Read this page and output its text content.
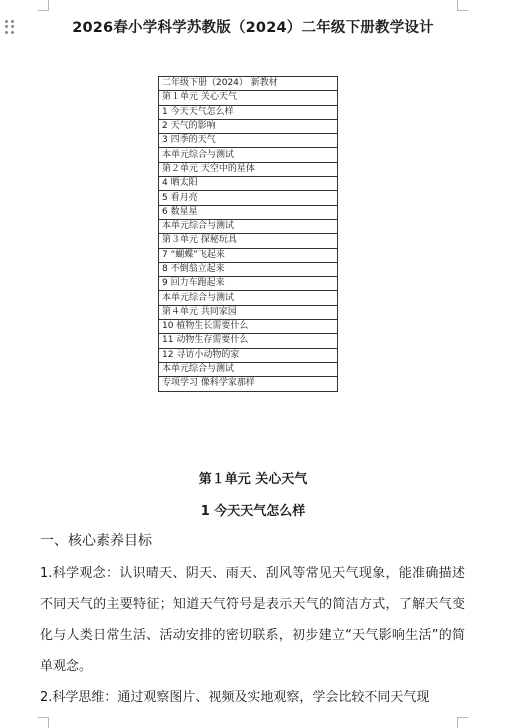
2026春小学科学苏教版（2024）二年级下册教学设计
二年级下册（2024） 新教材
第１单元 关心天气
1 今天天气怎么样
2 天气的影响
3 四季的天气
本单元综合与测试
第２单元 天空中的星体
4 晒太阳
5 看月亮
6 数星星
本单元综合与测试
第３单元 探秘玩具
7 “蝴蝶”飞起来
8 不倒翁立起来
9 回力车跑起来
本单元综合与测试
第４单元 共同家园
10 植物生长需要什么
11 动物生存需要什么
12 寻访小动物的家
本单元综合与测试
专项学习 像科学家那样
第１单元 关心天气
1 今天天气怎么样
一、核心素养目标
1.科学观念：认识晴天、阴天、雨天、刮风等常见天气现象，能准确描述不同天气的主要特征；知道天气符号是表示天气的简洁方式，了解天气变化与人类日常生活、活动安排的密切联系，初步建立“天气影响生活”的简单观念。
2.科学思维：通过观察图片、视频及实地观察，学会比较不同天气现
